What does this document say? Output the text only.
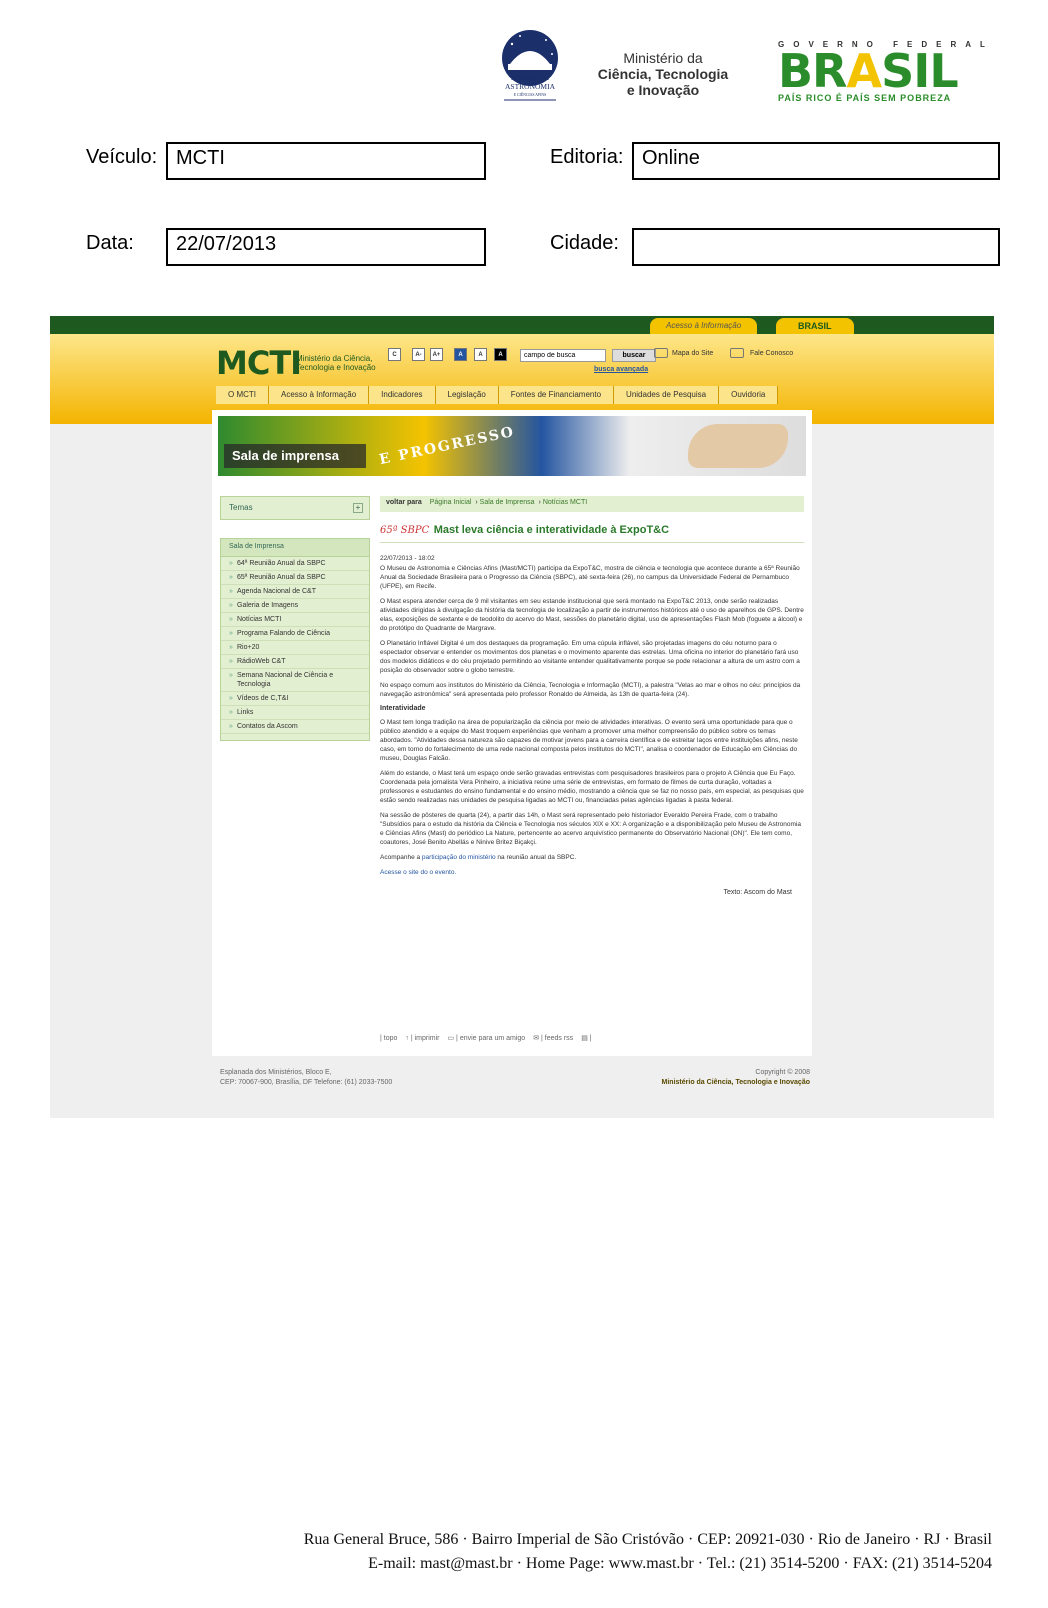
MUSEU DE
ASTRONOMIA
E CIÊNCIAS AFINS
Ministério da
Ciência, Tecnologia
e Inovação
GOVERNO FEDERAL
BRASIL
PAÍS RICO É PAÍS SEM POBREZA
Veículo: MCTI	Editoria: Online
Data:	22/07/2013	Cidade:
Acesso à Informação	BRASIL
MCTI
Ministério da Ciência, Tecnologia e Inovação
C	A-	A+	A	A	A
campo de busca	buscar
busca avançada
Mapa do Site	Fale Conosco
O MCTI	Acesso à Informação	Indicadores	Legislação	Fontes de Financiamento	Unidades de Pesquisa	Ouvidoria
E PROGRESSO
Sala de imprensa
Temas	+
Sala de Imprensa
» 64ª Reunião Anual da SBPC
» 65ª Reunião Anual da SBPC
» Agenda Nacional de C&T
» Galeria de Imagens
» Notícias MCTI
» Programa Falando de Ciência
» Rio+20
» RádioWeb C&T
» Semana Nacional de Ciência e Tecnologia
» Vídeos de C,T&I
» Links
» Contatos da Ascom
voltar para Página Inicial › Sala de Imprensa › Notícias MCTI
65ª SBPC Mast leva ciência e interatividade à ExpoT&C
22/07/2013 - 18:02

O Museu de Astronomia e Ciências Afins (Mast/MCTI) participa da ExpoT&C, mostra de ciência e tecnologia que acontece durante a 65ª Reunião Anual da Sociedade Brasileira para o Progresso da Ciência (SBPC), até sexta-feira (26), no campus da Universidade Federal de Pernambuco (UFPE), em Recife.

O Mast espera atender cerca de 9 mil visitantes em seu estande institucional que será montado na ExpoT&C 2013, onde serão realizadas atividades dirigidas à divulgação da história da tecnologia de localização a partir de instrumentos históricos até o uso de aparelhos de GPS. Dentre elas, exposições de sextante e de teodolito do acervo do Mast, sessões do planetário digital, uso de apresentações Flash Mob (foguete a álcool) e do protótipo do Quadrante de Margrave.

O Planetário Inflável Digital é um dos destaques da programação. Em uma cúpula inflável, são projetadas imagens do céu noturno para o espectador observar e entender os movimentos dos planetas e o movimento aparente das estrelas. Uma oficina no interior do planetário fará uso dos modelos didáticos e do céu projetado permitindo ao visitante entender qualitativamente porque se pode relacionar a altura de um astro com a posição do observador sobre o globo terrestre.

No espaço comum aos institutos do Ministério da Ciência, Tecnologia e Informação (MCTI), a palestra "Velas ao mar e olhos no céu: princípios da navegação astronômica" será apresentada pelo professor Ronaldo de Almeida, às 13h de quarta-feira (24).

Interatividade

O Mast tem longa tradição na área de popularização da ciência por meio de atividades interativas. O evento será uma oportunidade para que o público atendido e a equipe do Mast troquem experiências que venham a promover uma melhor compreensão do público sobre os temas abordados. "Atividades dessa natureza são capazes de motivar jovens para a carreira científica e de estreitar laços entre instituições afins, neste caso, em torno do fortalecimento de uma rede nacional composta pelos institutos do MCTI", analisa o coordenador de Educação em Ciências do museu, Douglas Falcão.

Além do estande, o Mast terá um espaço onde serão gravadas entrevistas com pesquisadores brasileiros para o projeto A Ciência que Eu Faço. Coordenada pela jornalista Vera Pinheiro, a iniciativa reúne uma série de entrevistas, em formato de filmes de curta duração, voltadas a professores e estudantes do ensino fundamental e do ensino médio, mostrando a ciência que se faz no nosso país, em especial, as pesquisas que estão sendo realizadas nas unidades de pesquisa ligadas ao MCTI ou, financiadas pelas agências ligadas à pasta federal.

Na sessão de pôsteres de quarta (24), a partir das 14h, o Mast será representado pelo historiador Everaldo Pereira Frade, com o trabalho "Subsídios para o estudo da história da Ciência e Tecnologia nos séculos XIX e XX: A organização e a disponibilização pelo Museu de Astronomia e Ciências Afins (Mast) do periódico La Nature, pertencente ao acervo arquivístico permanente do Observatório Nacional (ON)". Ele tem como, coautores, José Benito Abellás e Ninive Britez Biçakçi.

Acompanhe a participação do ministério na reunião anual da SBPC.

Acesse o site do o evento.

Texto: Ascom do Mast
| topo ↑ | imprimir ▭ | envie para um amigo ✉ | feeds rss ▤ |
Esplanada dos Ministérios, Bloco E,
CEP: 70067-900, Brasília, DF Telefone: (61) 2033-7500
Copyright © 2008
Ministério da Ciência, Tecnologia e Inovação
Rua General Bruce, 586 · Bairro Imperial de São Cristóvão · CEP: 20921-030 · Rio de Janeiro · RJ · Brasil
E-mail: mast@mast.br · Home Page: www.mast.br · Tel.: (21) 3514-5200 · FAX: (21) 3514-5204
